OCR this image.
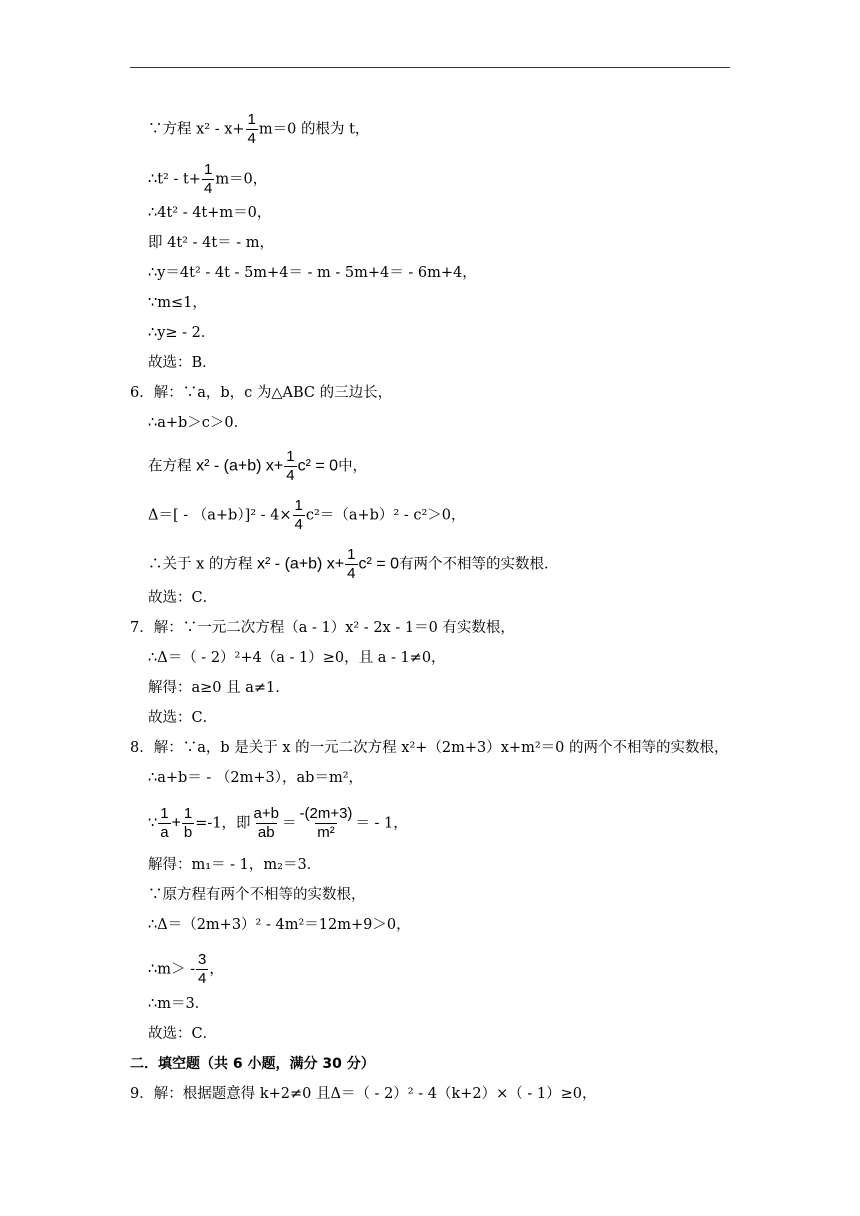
∵方程 $x^2 - x+ \frac{1}{4} m=0$ 的根为 t，
∴t² - $t+ \frac{1}{4} m=0$，
∴4t² - 4t+m＝0，
即 4t² - 4t＝ - m，
∴y＝4t² - 4t - 5m+4＝ - m - 5m+4＝ - 6m+4，
∵m≤1，
∴y≥ - 2．
故选：B．
6．解：∵a，b，c 为△ABC 的三边长，
∴a+b＞c＞0．
在方程 x² - (a+b) $x+ \frac{1}{4} c^2 = 0$中，
$\Delta=[ - (a+b)]^2 - 4\times \frac{1}{4} c^2=(a+b)^2 - c^2>0$，
∴关于 x 的方程 x² - (a+b) $x+ \frac{1}{4} c^2 = 0$有两个不相等的实数根．
故选：C．
7．解：∵一元二次方程（a - 1）x² - 2x - 1＝0 有实数根，
∴Δ＝（ - 2）²+4（a - 1）≥0，且 a - 1≠0，
解得：a≥0 且 a≠1．
故选：C．
8．解：∵a，b 是关于 x 的一元二次方程 x²+（2m+3）x+m²＝0 的两个不相等的实数根，
∴a+b＝ - （2m+3），ab＝m²，
∵ $\frac{1}{a} + \frac{1}{b} =-1$，即 $\frac{a+b}{ab} = \frac{-(2m+3)}{\text{m²}}$ ＝ - 1，
解得：m₁＝ - 1，m₂＝3．
∵原方程有两个不相等的实数根，
∴Δ＝（2m+3）² - 4m²＝12m+9＞0，
∴m＞ - $\frac{3}{4}$ ，
∴m＝3．
故选：C．
二．填空题（共 6 小题，满分 30 分）
9．解：根据题意得 k+2≠0 且Δ＝（ - 2）² - 4（k+2）×（ - 1）≥0，
